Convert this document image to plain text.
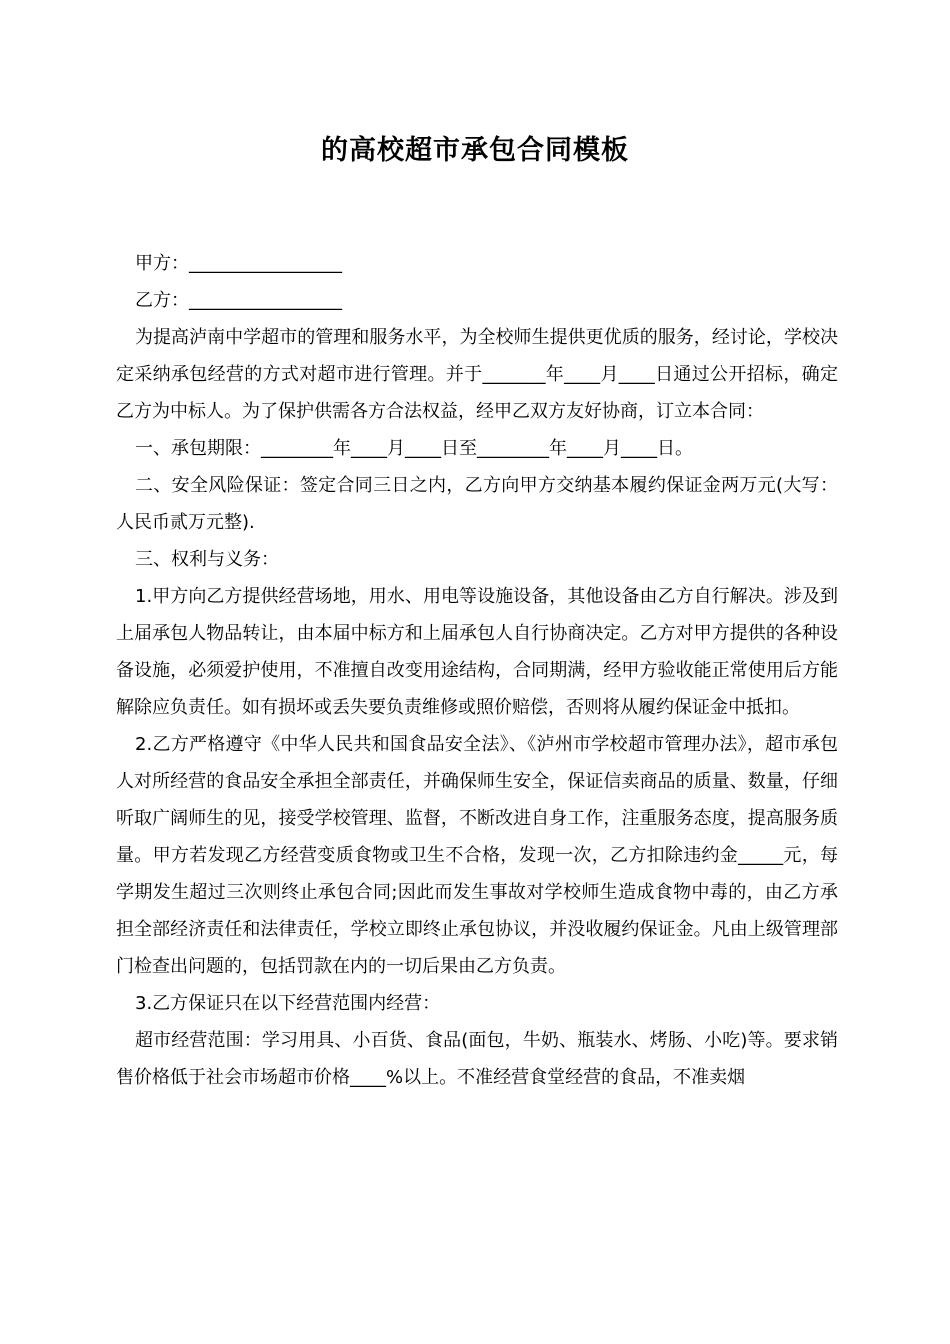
的高校超市承包合同模板

甲方：_________________

乙方：_________________

为提高泸南中学超市的管理和服务水平，为全校师生提供更优质的服务，经讨论，学校决定采纳承包经营的方式对超市进行管理。并于_______年____月____日通过公开招标，确定乙方为中标人。为了保护供需各方合法权益，经甲乙双方友好协商，订立本合同：

一、承包期限：________年____月____日至________年____月____日。

二、安全风险保证：签定合同三日之内，乙方向甲方交纳基本履约保证金两万元(大写：人民币贰万元整).

三、权利与义务：

1.甲方向乙方提供经营场地，用水、用电等设施设备，其他设备由乙方自行解决。涉及到上届承包人物品转让，由本届中标方和上届承包人自行协商决定。乙方对甲方提供的各种设备设施，必须爱护使用，不准擅自改变用途结构，合同期满，经甲方验收能正常使用后方能解除应负责任。如有损坏或丢失要负责维修或照价赔偿，否则将从履约保证金中抵扣。

2.乙方严格遵守《中华人民共和国食品安全法》、《泸州市学校超市管理办法》，超市承包人对所经营的食品安全承担全部责任，并确保师生安全，保证信卖商品的质量、数量，仔细听取广阔师生的见，接受学校管理、监督，不断改进自身工作，注重服务态度，提高服务质量。甲方若发现乙方经营变质食物或卫生不合格，发现一次，乙方扣除违约金_____元，每学期发生超过三次则终止承包合同;因此而发生事故对学校师生造成食物中毒的，由乙方承担全部经济责任和法律责任，学校立即终止承包协议，并没收履约保证金。凡由上级管理部门检查出问题的，包括罚款在内的一切后果由乙方负责。

3.乙方保证只在以下经营范围内经营：

超市经营范围：学习用具、小百货、食品(面包，牛奶、瓶装水、烤肠、小吃)等。要求销售价格低于社会市场超市价格____%以上。不准经营食堂经营的食品，不准卖烟
